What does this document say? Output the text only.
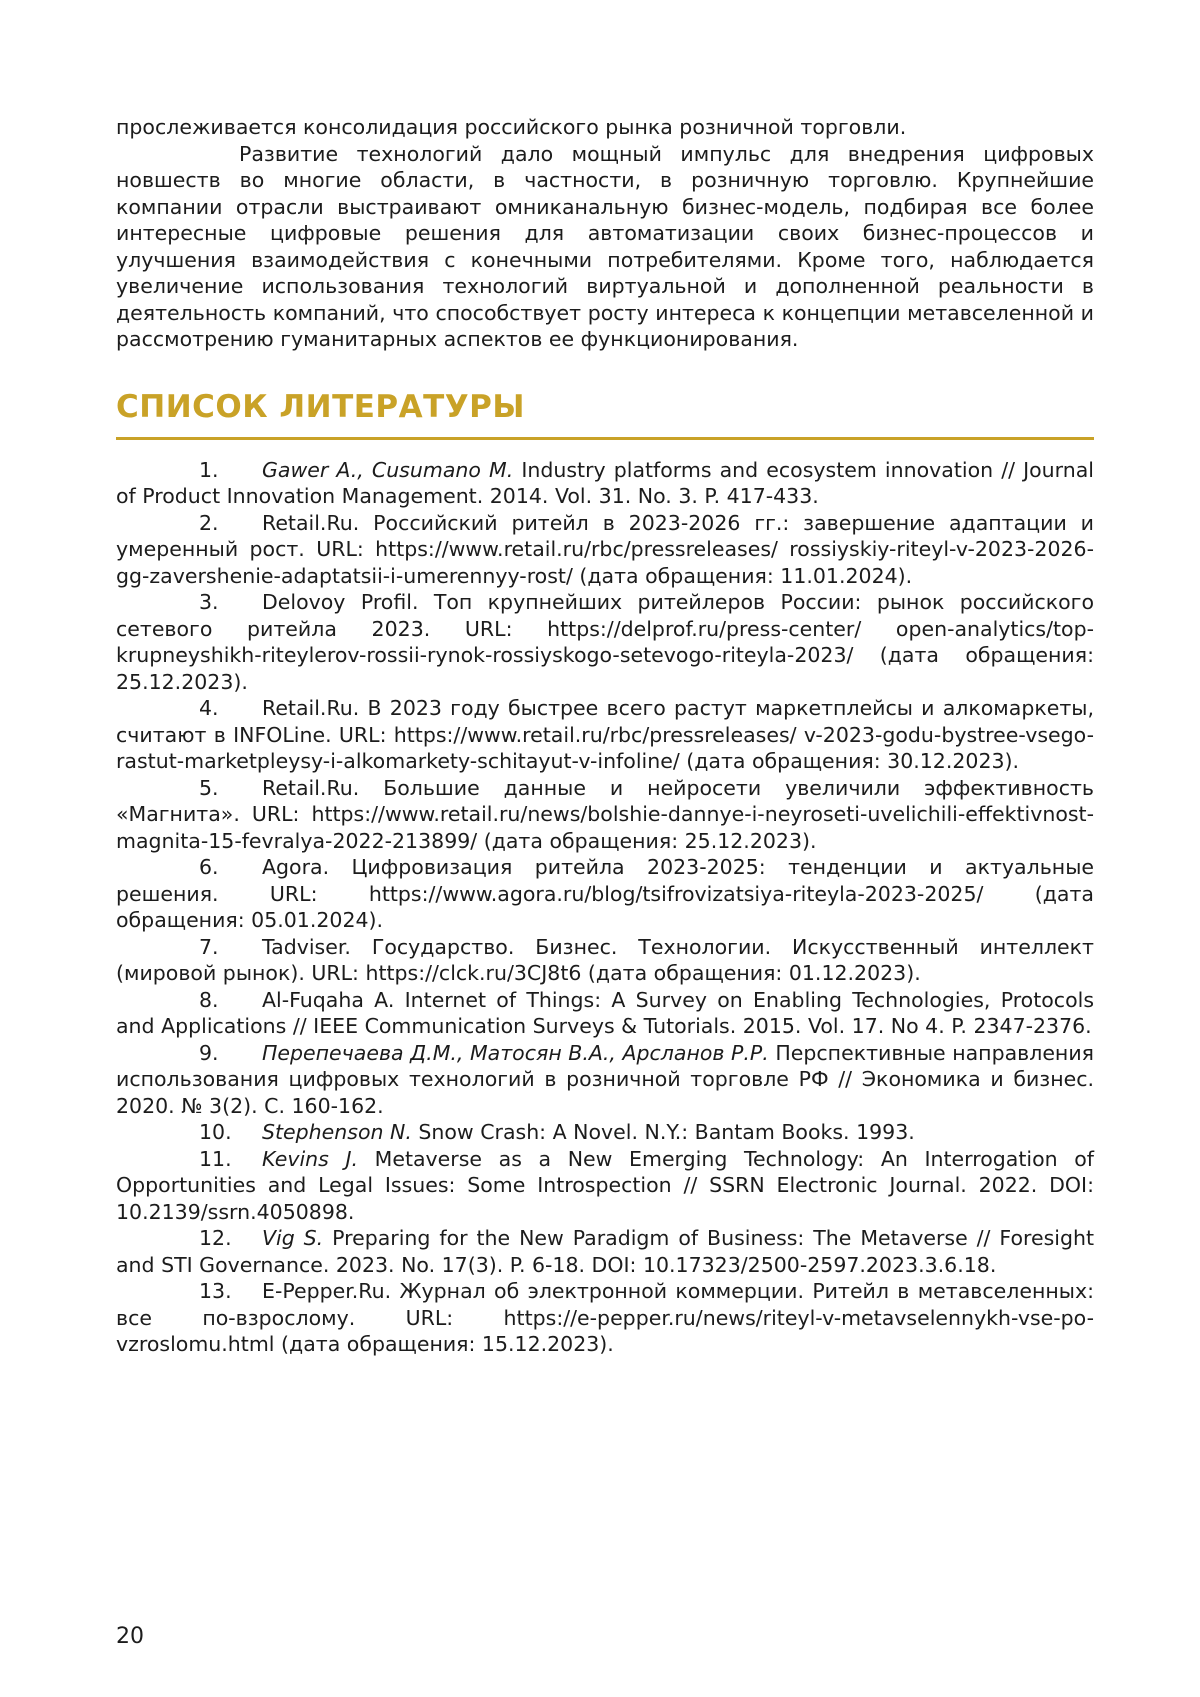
прослеживается консолидация российского рынка розничной торговли.

Развитие технологий дало мощный импульс для внедрения цифровых новшеств во многие области, в частности, в розничную торговлю. Крупнейшие компании отрасли выстраивают омниканальную бизнес-модель, подбирая все более интересные цифровые решения для автоматизации своих бизнес-процессов и улучшения взаимодействия с конечными потребителями. Кроме того, наблюдается увеличение использования технологий виртуальной и дополненной реальности в деятельность компаний, что способствует росту интереса к концепции метавселенной и рассмотрению гуманитарных аспектов ее функционирования.

СПИСОК ЛИТЕРАТУРЫ

1. Gawer A., Cusumano M. Industry platforms and ecosystem innovation // Journal of Product Innovation Management. 2014. Vol. 31. No. 3. P. 417-433.

2. Retail.Ru. Российский ритейл в 2023-2026 гг.: завершение адаптации и умеренный рост. URL: https://www.retail.ru/rbc/pressreleases/ rossiyskiy-riteyl-v-2023-2026-gg-zavershenie-adaptatsii-i-umerennyy-rost/ (дата обращения: 11.01.2024).

3. Delovoy Profil. Топ крупнейших ритейлеров России: рынок российского сетевого ритейла 2023. URL: https://delprof.ru/press-center/ open-analytics/top-krupneyshikh-riteylerov-rossii-rynok-rossiyskogo-setevogo-riteyla-2023/ (дата обращения: 25.12.2023).

4. Retail.Ru. В 2023 году быстрее всего растут маркетплейсы и алкомаркеты, считают в INFOLine. URL: https://www.retail.ru/rbc/pressreleases/ v-2023-godu-bystree-vsego-rastut-marketpleysy-i-alkomarkety-schitayut-v-infoline/ (дата обращения: 30.12.2023).

5. Retail.Ru. Большие данные и нейросети увеличили эффективность «Магнита». URL: https://www.retail.ru/news/bolshie-dannye-i-neyroseti-uvelichili-effektivnost-magnita-15-fevralya-2022-213899/ (дата обращения: 25.12.2023).

6. Agora. Цифровизация ритейла 2023-2025: тенденции и актуальные решения. URL: https://www.agora.ru/blog/tsifrovizatsiya-riteyla-2023-2025/ (дата обращения: 05.01.2024).

7. Tadviser. Государство. Бизнес. Технологии. Искусственный интеллект (мировой рынок). URL: https://clck.ru/3CJ8t6 (дата обращения: 01.12.2023).

8. Al-Fuqaha A. Internet of Things: A Survey on Enabling Technologies, Protocols and Applications // IEEE Communication Surveys & Tutorials. 2015. Vol. 17. No 4. P. 2347-2376.

9. Перепечаева Д.М., Матосян В.А., Арсланов Р.Р. Перспективные направления использования цифровых технологий в розничной торговле РФ // Экономика и бизнес. 2020. № 3(2). С. 160-162.

10. Stephenson N. Snow Crash: A Novel. N.Y.: Bantam Books. 1993.

11. Kevins J. Metaverse as a New Emerging Technology: An Interrogation of Opportunities and Legal Issues: Some Introspection // SSRN Electronic Journal. 2022. DOI: 10.2139/ssrn.4050898.

12. Vig S. Preparing for the New Paradigm of Business: The Metaverse // Foresight and STI Governance. 2023. No. 17(3). P. 6-18. DOI: 10.17323/2500-2597.2023.3.6.18.

13. E-Pepper.Ru. Журнал об электронной коммерции. Ритейл в метавселенных: все по-взрослому. URL: https://e-pepper.ru/news/riteyl-v-metavselennykh-vse-po-vzroslomu.html (дата обращения: 15.12.2023).

20
